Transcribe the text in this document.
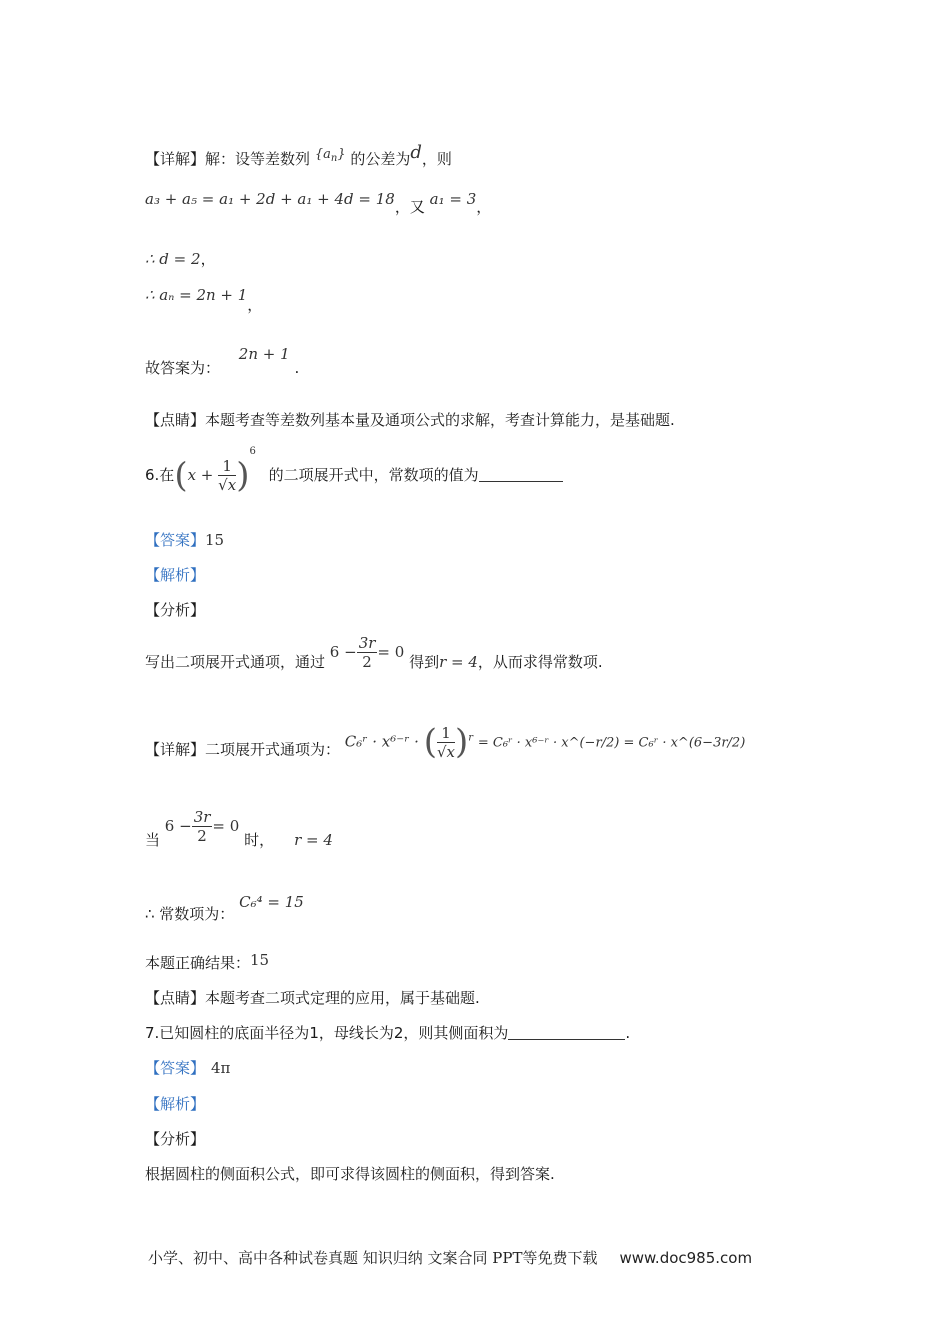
【详解】解：设等差数列 $\{a_n\}$ 的公差为d，则
a₃ + a₅ = a₁ + 2d + a₁ + 4d = 18，又 a₁ = 3，
∴ d = 2，
∴ aₙ = 2n + 1，
故答案为： 2n + 1 .
【点睛】本题考查等差数列基本量及通项公式的求解，考查计算能力，是基础题.
6.在$(x + \frac{1}{√x} )^6$ 的二项展开式中，常数项的值为
【答案】15
【解析】
【分析】
写出二项展开式通项，通过 $6 - \frac{3r}{2} = 0$ 得到r = 4，从而求得常数项.
【详解】二项展开式通项为： C₆ʳ · x⁶⁻ʳ · ( $\frac{1}{√x} )^r$ = C₆ʳ · x⁶⁻ʳ · x^(−r/2) = C₆ʳ · x^(6−3r/2)
当 $6 - \frac{3r}{2} = 0$ 时， r = 4
∴ 常数项为： C₆⁴ = 15
本题正确结果：15
【点睛】本题考查二项式定理的应用，属于基础题.
7.已知圆柱的底面半径为1，母线长为2，则其侧面积为	.
【答案】 4π
【解析】
【分析】
根据圆柱的侧面积公式，即可求得该圆柱的侧面积，得到答案.
小学、初中、高中各种试卷真题 知识归纳 文案合同 PPT等免费下载 www.doc985.com
